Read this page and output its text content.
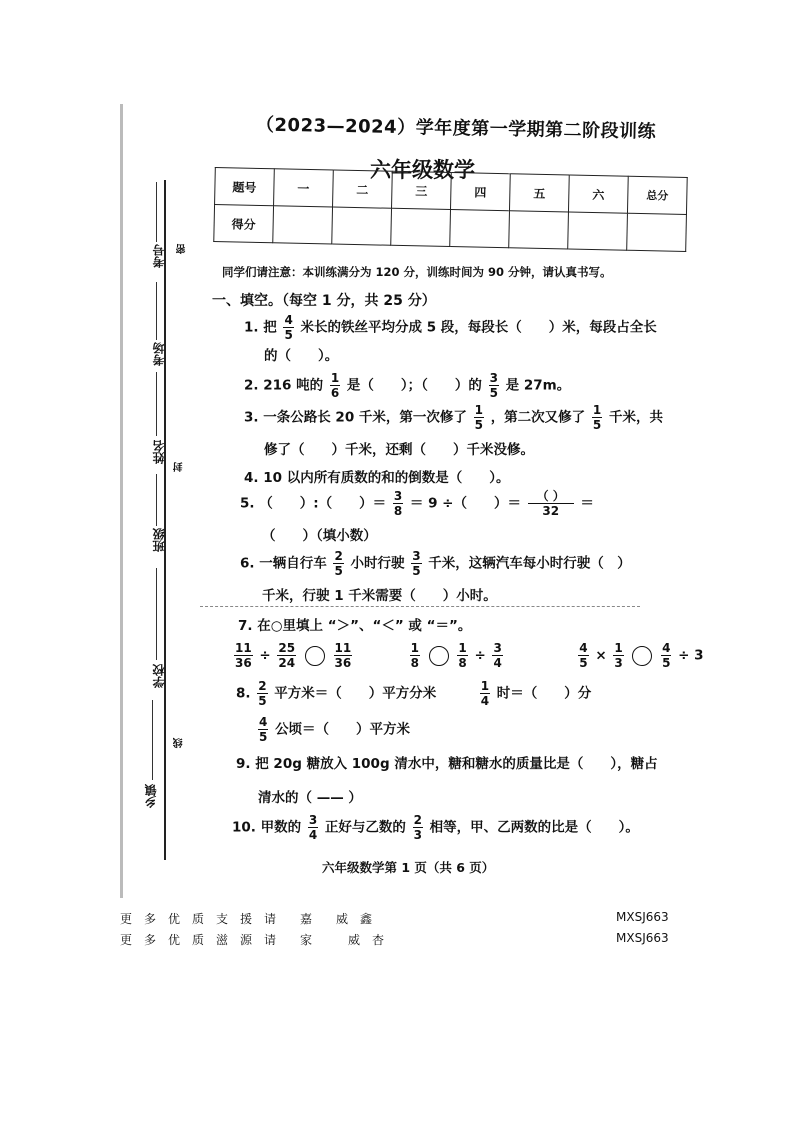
考号 密
考场
姓名
封
班级
学校
线
乡镇
（2023—2024）学年度第一学期第二阶段训练
六年级数学
题号	一	二	三	四	五	六	总分
得分							
同学们请注意：本训练满分为 120 分，训练时间为 90 分钟，请认真书写。
一、填空。（每空 1 分，共 25 分）
1. 把 $\frac{4}{5}$ 米长的铁丝平均分成 5 段，每段长（　　）米，每段占全长
的（　　）。
2. 216 吨的 $\frac{1}{6}$ 是（　　）；（　　）的 $\frac{3}{5}$ 是 27m。
3. 一条公路长 20 千米，第一次修了 $\frac{1}{5}$ ，第二次又修了 $\frac{1}{5}$ 千米，共
修了（　　）千米，还剩（　　）千米没修。
4. 10 以内所有质数的和的倒数是（　　）。
5. （　　）:（　　）＝ $\frac{3}{8} = 9$ ÷（　　）＝ $\frac{( )}{32}$ ＝
（　　）（填小数）
6. 一辆自行车 $\frac{2}{5}$ 小时行驶 $\frac{3}{5}$ 千米，这辆汽车每小时行驶（　）
千米，行驶 1 千米需要（　　）小时。
7. 在○里填上 “＞”、“＜” 或 “＝”。
$\frac{11}{36} \div \frac{25}{24}$
	$\frac{11}{36}$
	$\frac{1}{8}$
	$\frac{1}{8} \div \frac{3}{4}$
	$\frac{4}{5} \times \frac{1}{3}$
	$\frac{4}{5} \div 3$
8. $\frac{2}{5}$ 平方米＝（　　）平方分米	$\frac{1}{4}$ 时＝（　　）分
$\frac{4}{5}$ 公顷＝（　　）平方米
9. 把 20g 糖放入 100g 清水中，糖和糖水的质量比是（　　），糖占
清水的（ —— ）
10. 甲数的 $\frac{3}{4}$ 正好与乙数的 $\frac{2}{3}$ 相等，甲、乙两数的比是（　　）。
六年级数学第 1 页（共 6 页）
更　多　优　质　支　援　请　　嘉　　威　鑫	MXSJ663
更　多　优　质　滋　源　请　　家　　　威　杏	MXSJ663
